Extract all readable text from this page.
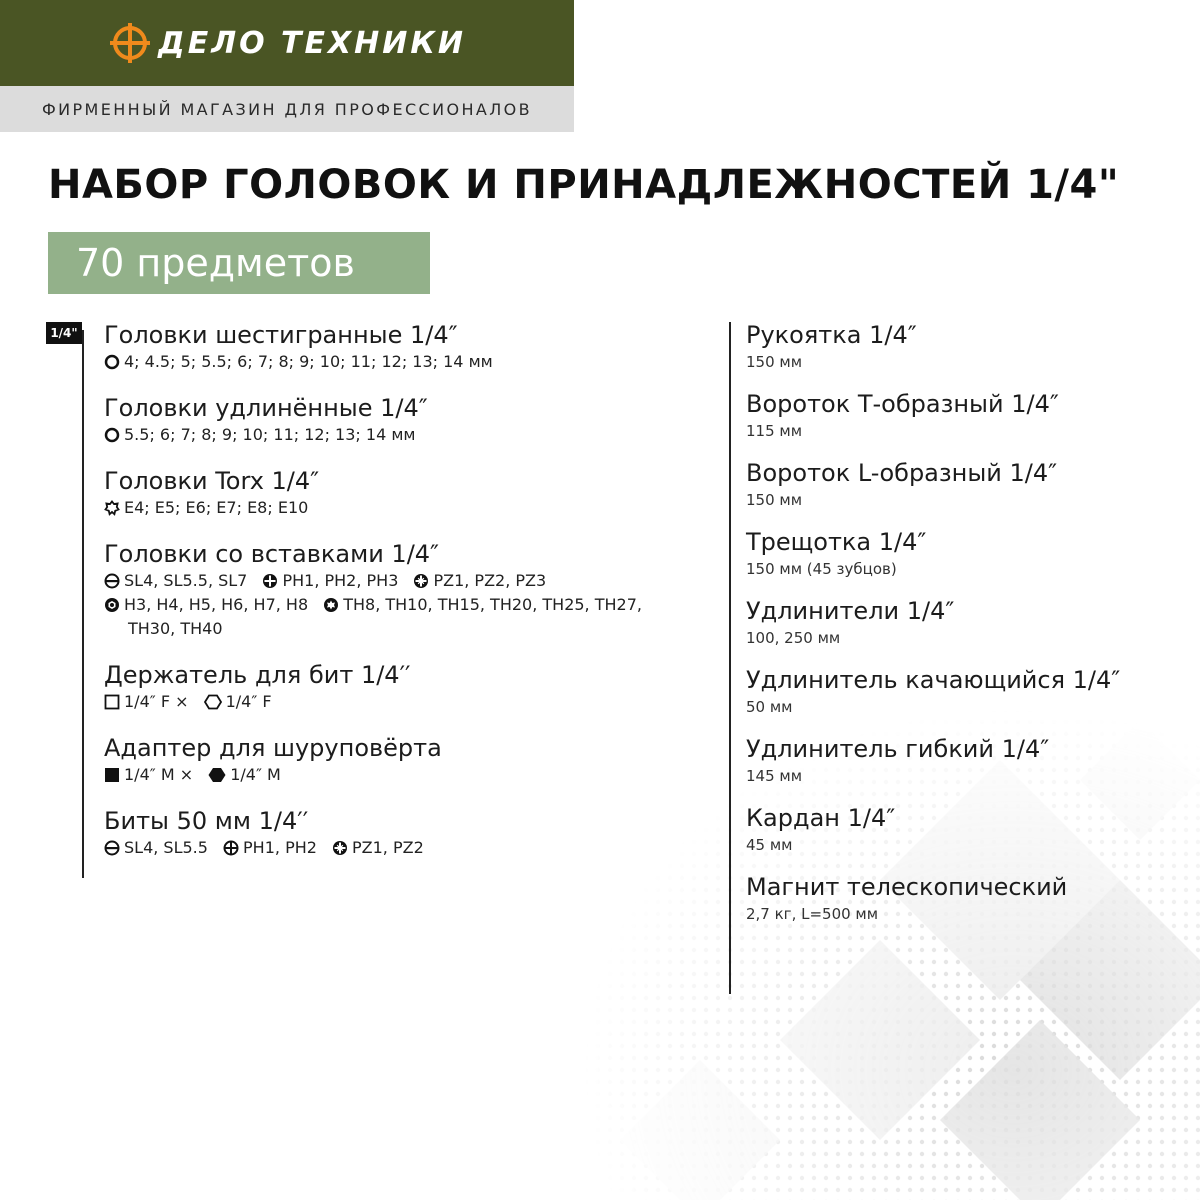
ДЕЛО ТЕХНИКИ
ФИРМЕННЫЙ МАГАЗИН ДЛЯ ПРОФЕССИОНАЛОВ
НАБОР ГОЛОВОК И ПРИНАДЛЕЖНОСТЕЙ 1/4"
70 предметов
1/4" Головки шестигранные 1/4″
4; 4.5; 5; 5.5; 6; 7; 8; 9; 10; 11; 12; 13; 14 мм
Головки удлинённые 1/4″
5.5; 6; 7; 8; 9; 10; 11; 12; 13; 14 мм
Головки Torx 1/4″
E4; E5; E6; E7; E8; E10
Головки со вставками 1/4″
SL4, SL5.5, SL7 PH1, PH2, PH3 PZ1, PZ2, PZ3
H3, H4, H5, H6, H7, H8 TH8, TH10, TH15, TH20, TH25, TH27,
TH30, TH40
Держатель для бит 1/4′′
1/4″ F × 1/4″ F
Адаптер для шуруповёрта
1/4″ M × 1/4″ M
Биты 50 мм 1/4′′
SL4, SL5.5 PH1, PH2 PZ1, PZ2
Рукоятка 1/4″
150 мм
Вороток Т-образный 1/4″
115 мм
Вороток L-образный 1/4″
150 мм
Трещотка 1/4″
150 мм (45 зубцов)
Удлинители 1/4″
100, 250 мм
Удлинитель качающийся 1/4″
50 мм
Удлинитель гибкий 1/4″
145 мм
Кардан 1/4″
45 мм
Магнит телескопический
2,7 кг, L=500 мм
